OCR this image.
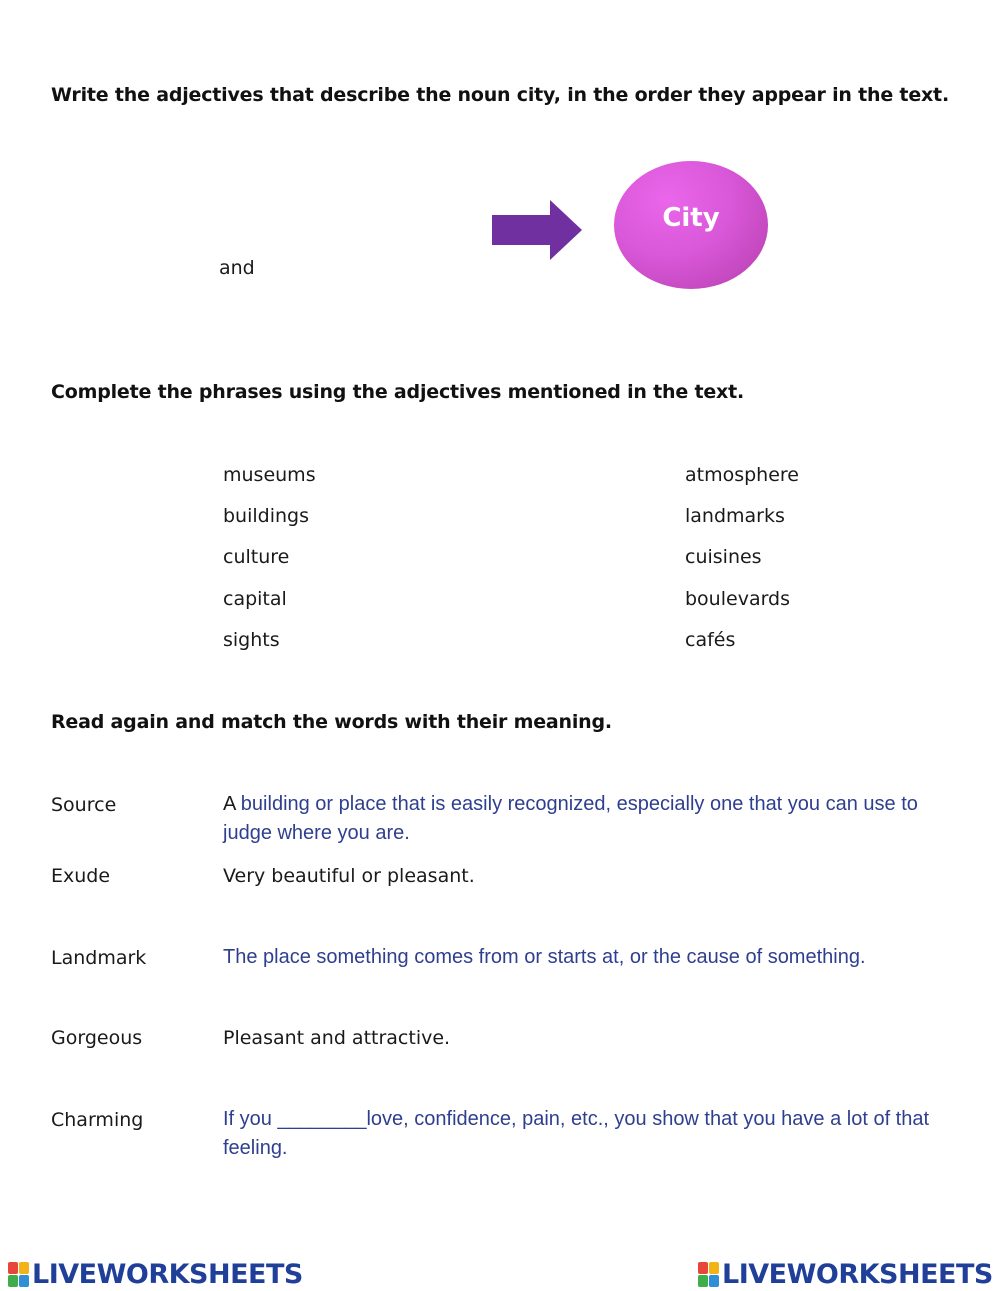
Write the adjectives that describe the noun city, in the order they appear in the text.
and
City
Complete the phrases using the adjectives mentioned in the text.
museums
buildings
culture
capital
sights
atmosphere
landmarks
cuisines
boulevards
cafés
Read again and match the words with their meaning.
Source	A building or place that is easily recognized, especially one that you can use to judge where you are.
Exude	Very beautiful or pleasant.
Landmark	The place something comes from or starts at, or the cause of something.
Gorgeous	Pleasant and attractive.
Charming	If you ________love, confidence, pain, etc., you show that you have a lot of that feeling.
LIVEWORKSHEETS	LIVEWORKSHEETS
